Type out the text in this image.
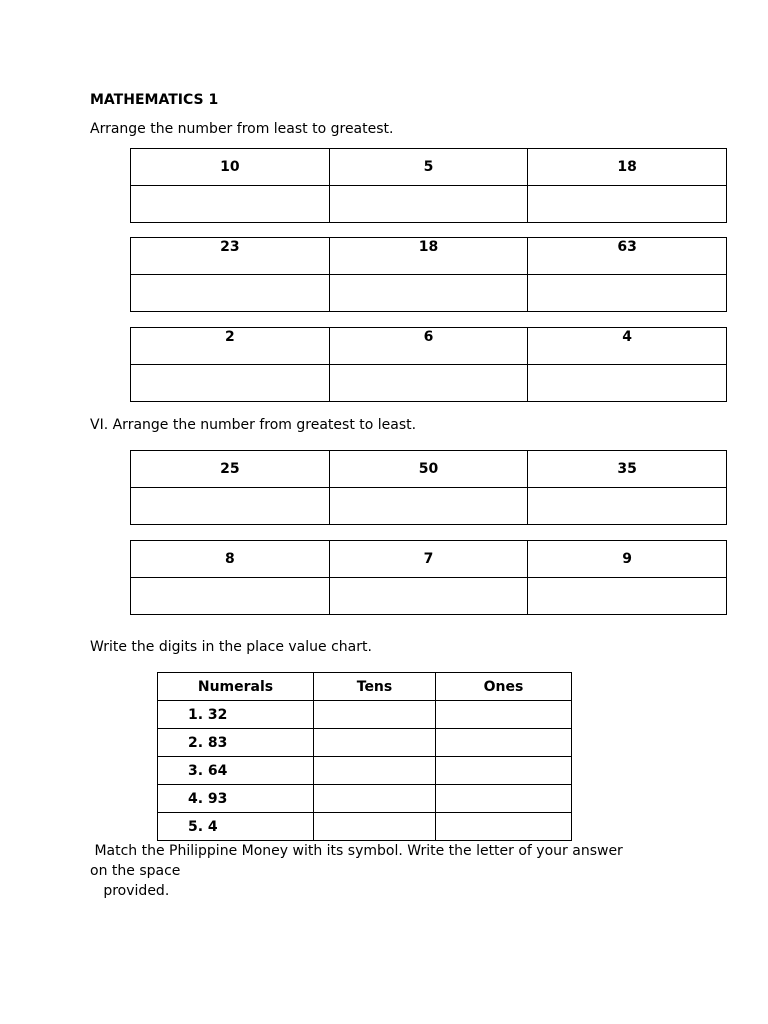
MATHEMATICS 1
Arrange the number from least to greatest.
10	5	18

23	18	63

2	6	4

VI. Arrange the number from greatest to least.
25	50	35

8	7	9

Write the digits in the place value chart.
Numerals	Tens	Ones
1. 32		
2. 83		
3. 64		
4. 93		
5. 4		
Match the Philippine Money with its symbol. Write the letter of your answer
on the space
provided.
